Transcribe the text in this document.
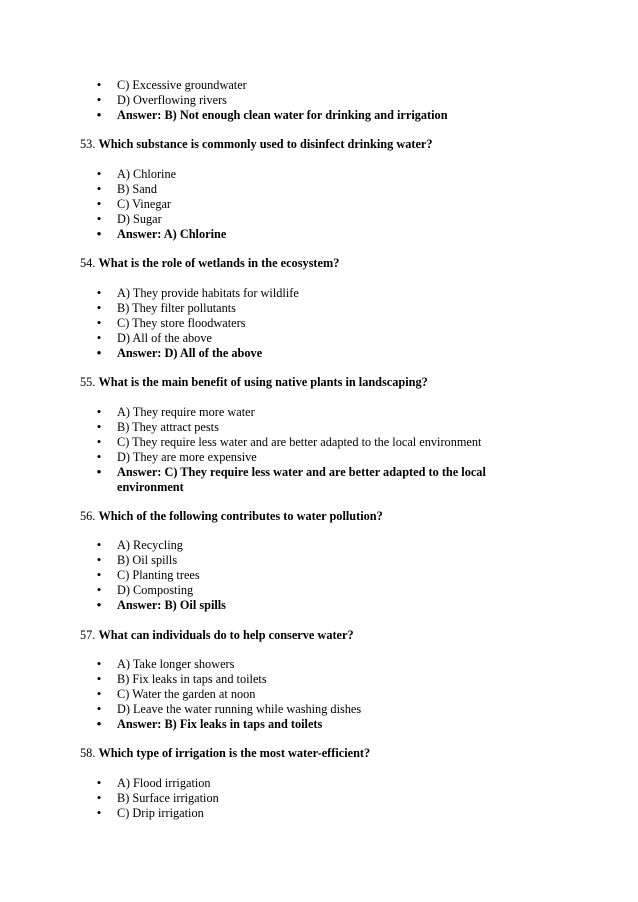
• C) Excessive groundwater
• D) Overflowing rivers
• Answer: B) Not enough clean water for drinking and irrigation

53. Which substance is commonly used to disinfect drinking water?

• A) Chlorine
• B) Sand
• C) Vinegar
• D) Sugar
• Answer: A) Chlorine

54. What is the role of wetlands in the ecosystem?

• A) They provide habitats for wildlife
• B) They filter pollutants
• C) They store floodwaters
• D) All of the above
• Answer: D) All of the above

55. What is the main benefit of using native plants in landscaping?

• A) They require more water
• B) They attract pests
• C) They require less water and are better adapted to the local environment
• D) They are more expensive
• Answer: C) They require less water and are better adapted to the local environment

56. Which of the following contributes to water pollution?

• A) Recycling
• B) Oil spills
• C) Planting trees
• D) Composting
• Answer: B) Oil spills

57. What can individuals do to help conserve water?

• A) Take longer showers
• B) Fix leaks in taps and toilets
• C) Water the garden at noon
• D) Leave the water running while washing dishes
• Answer: B) Fix leaks in taps and toilets

58. Which type of irrigation is the most water-efficient?

• A) Flood irrigation
• B) Surface irrigation
• C) Drip irrigation
